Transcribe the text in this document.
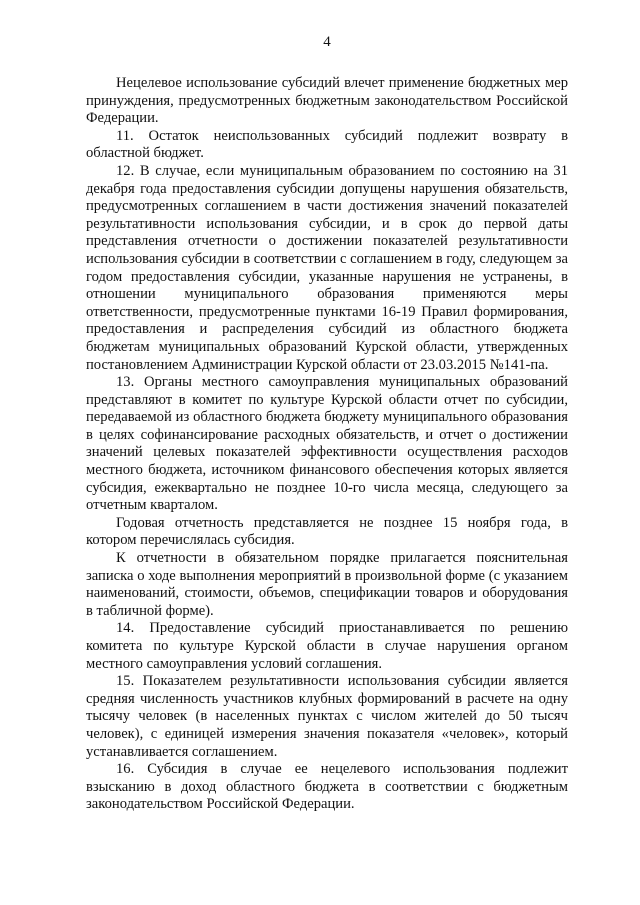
4

Нецелевое использование субсидий влечет применение бюджетных мер принуждения, предусмотренных бюджетным законодательством Российской Федерации.

11. Остаток неиспользованных субсидий подлежит возврату в областной бюджет.

12. В случае, если муниципальным образованием по состоянию на 31 декабря года предоставления субсидии допущены нарушения обязательств, предусмотренных соглашением в части достижения значений показателей результативности использования субсидии, и в срок до первой даты представления отчетности о достижении показателей результативности использования субсидии в соответствии с соглашением в году, следующем за годом предоставления субсидии, указанные нарушения не устранены, в отношении муниципального образования применяются меры ответственности, предусмотренные пунктами 16-19 Правил формирования, предоставления и распределения субсидий из областного бюджета бюджетам муниципальных образований Курской области, утвержденных постановлением Администрации Курской области от 23.03.2015 №141-па.

13. Органы местного самоуправления муниципальных образований представляют в комитет по культуре Курской области отчет по субсидии, передаваемой из областного бюджета бюджету муниципального образования в целях софинансирование расходных обязательств, и отчет о достижении значений целевых показателей эффективности осуществления расходов местного бюджета, источником финансового обеспечения которых является субсидия, ежеквартально не позднее 10-го числа месяца, следующего за отчетным кварталом.

Годовая отчетность представляется не позднее 15 ноября года, в котором перечислялась субсидия.

К отчетности в обязательном порядке прилагается пояснительная записка о ходе выполнения мероприятий в произвольной форме (с указанием наименований, стоимости, объемов, спецификации товаров и оборудования в табличной форме).

14. Предоставление субсидий приостанавливается по решению комитета по культуре Курской области в случае нарушения органом местного самоуправления условий соглашения.

15. Показателем результативности использования субсидии является средняя численность участников клубных формирований в расчете на одну тысячу человек (в населенных пунктах с числом жителей до 50 тысяч человек), с единицей измерения значения показателя «человек», который устанавливается соглашением.

16. Субсидия в случае ее нецелевого использования подлежит взысканию в доход областного бюджета в соответствии с бюджетным законодательством Российской Федерации.
